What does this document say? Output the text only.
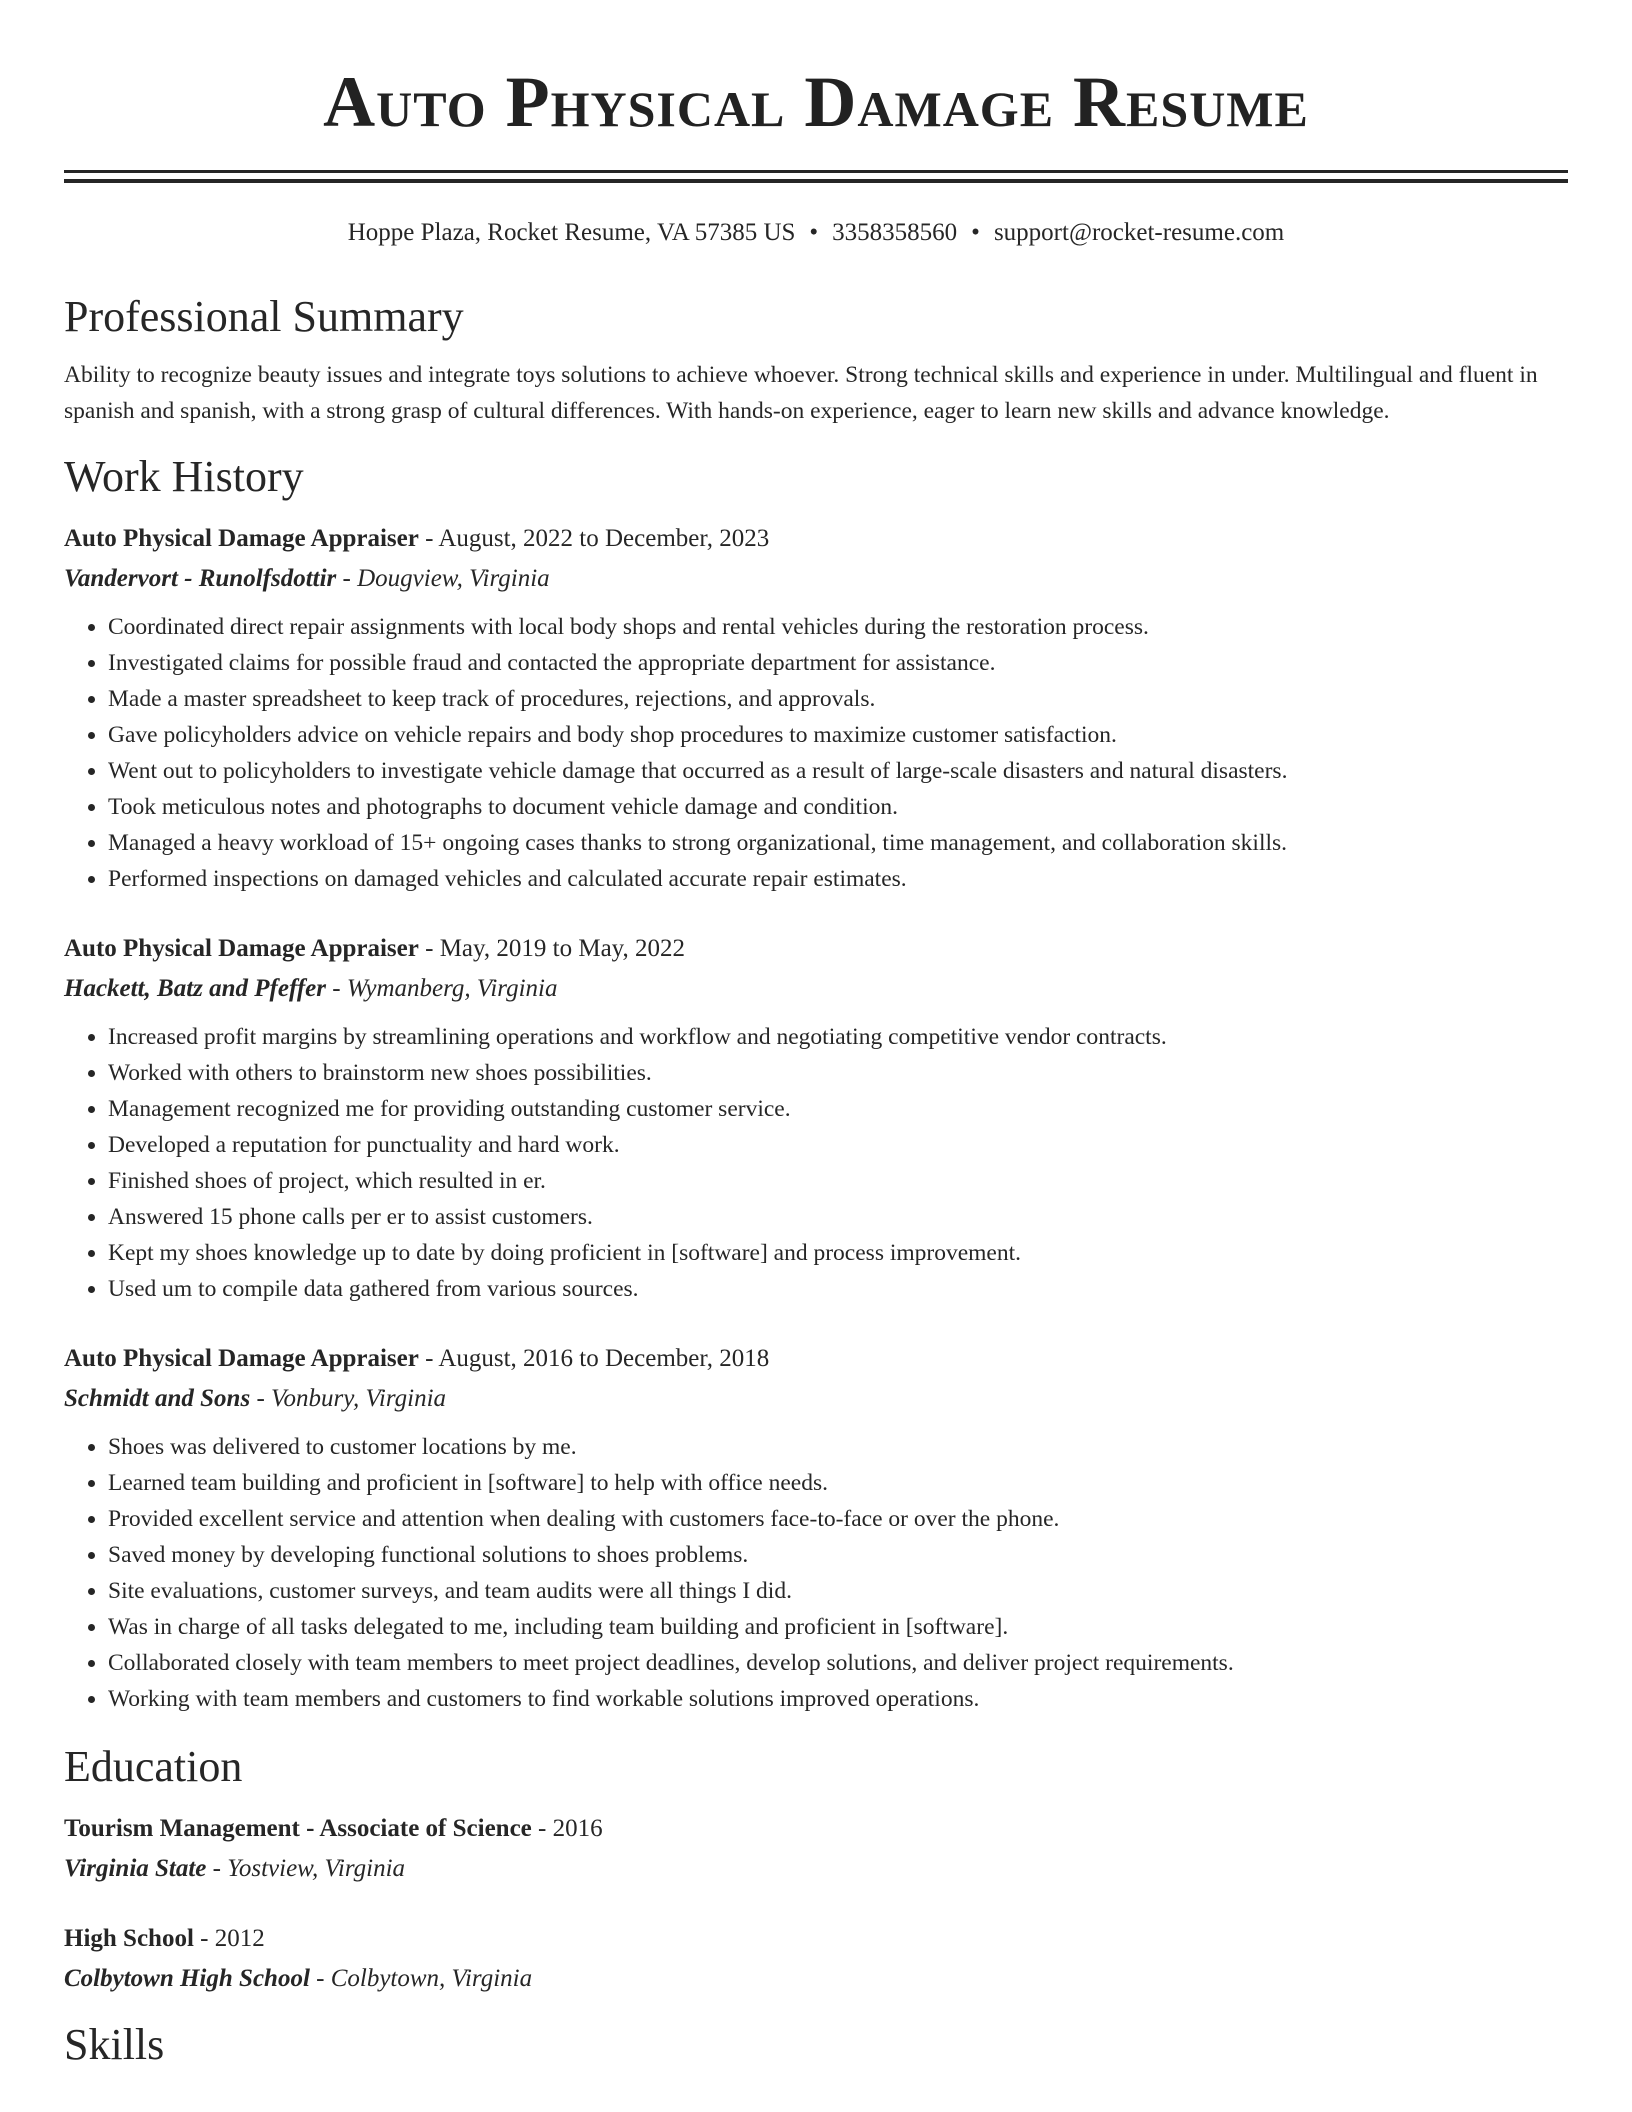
Auto Physical Damage Resume
Hoppe Plaza, Rocket Resume, VA 57385 US • 3358358560 • support@rocket-resume.com
Professional Summary
Ability to recognize beauty issues and integrate toys solutions to achieve whoever. Strong technical skills and experience in under. Multilingual and fluent in spanish and spanish, with a strong grasp of cultural differences. With hands-on experience, eager to learn new skills and advance knowledge.
Work History
Auto Physical Damage Appraiser - August, 2022 to December, 2023
Vandervort - Runolfsdottir - Dougview, Virginia
• Coordinated direct repair assignments with local body shops and rental vehicles during the restoration process.
• Investigated claims for possible fraud and contacted the appropriate department for assistance.
• Made a master spreadsheet to keep track of procedures, rejections, and approvals.
• Gave policyholders advice on vehicle repairs and body shop procedures to maximize customer satisfaction.
• Went out to policyholders to investigate vehicle damage that occurred as a result of large-scale disasters and natural disasters.
• Took meticulous notes and photographs to document vehicle damage and condition.
• Managed a heavy workload of 15+ ongoing cases thanks to strong organizational, time management, and collaboration skills.
• Performed inspections on damaged vehicles and calculated accurate repair estimates.
Auto Physical Damage Appraiser - May, 2019 to May, 2022
Hackett, Batz and Pfeffer - Wymanberg, Virginia
• Increased profit margins by streamlining operations and workflow and negotiating competitive vendor contracts.
• Worked with others to brainstorm new shoes possibilities.
• Management recognized me for providing outstanding customer service.
• Developed a reputation for punctuality and hard work.
• Finished shoes of project, which resulted in er.
• Answered 15 phone calls per er to assist customers.
• Kept my shoes knowledge up to date by doing proficient in [software] and process improvement.
• Used um to compile data gathered from various sources.
Auto Physical Damage Appraiser - August, 2016 to December, 2018
Schmidt and Sons - Vonbury, Virginia
• Shoes was delivered to customer locations by me.
• Learned team building and proficient in [software] to help with office needs.
• Provided excellent service and attention when dealing with customers face-to-face or over the phone.
• Saved money by developing functional solutions to shoes problems.
• Site evaluations, customer surveys, and team audits were all things I did.
• Was in charge of all tasks delegated to me, including team building and proficient in [software].
• Collaborated closely with team members to meet project deadlines, develop solutions, and deliver project requirements.
• Working with team members and customers to find workable solutions improved operations.
Education
Tourism Management - Associate of Science - 2016
Virginia State - Yostview, Virginia
High School - 2012
Colbytown High School - Colbytown, Virginia
Skills
